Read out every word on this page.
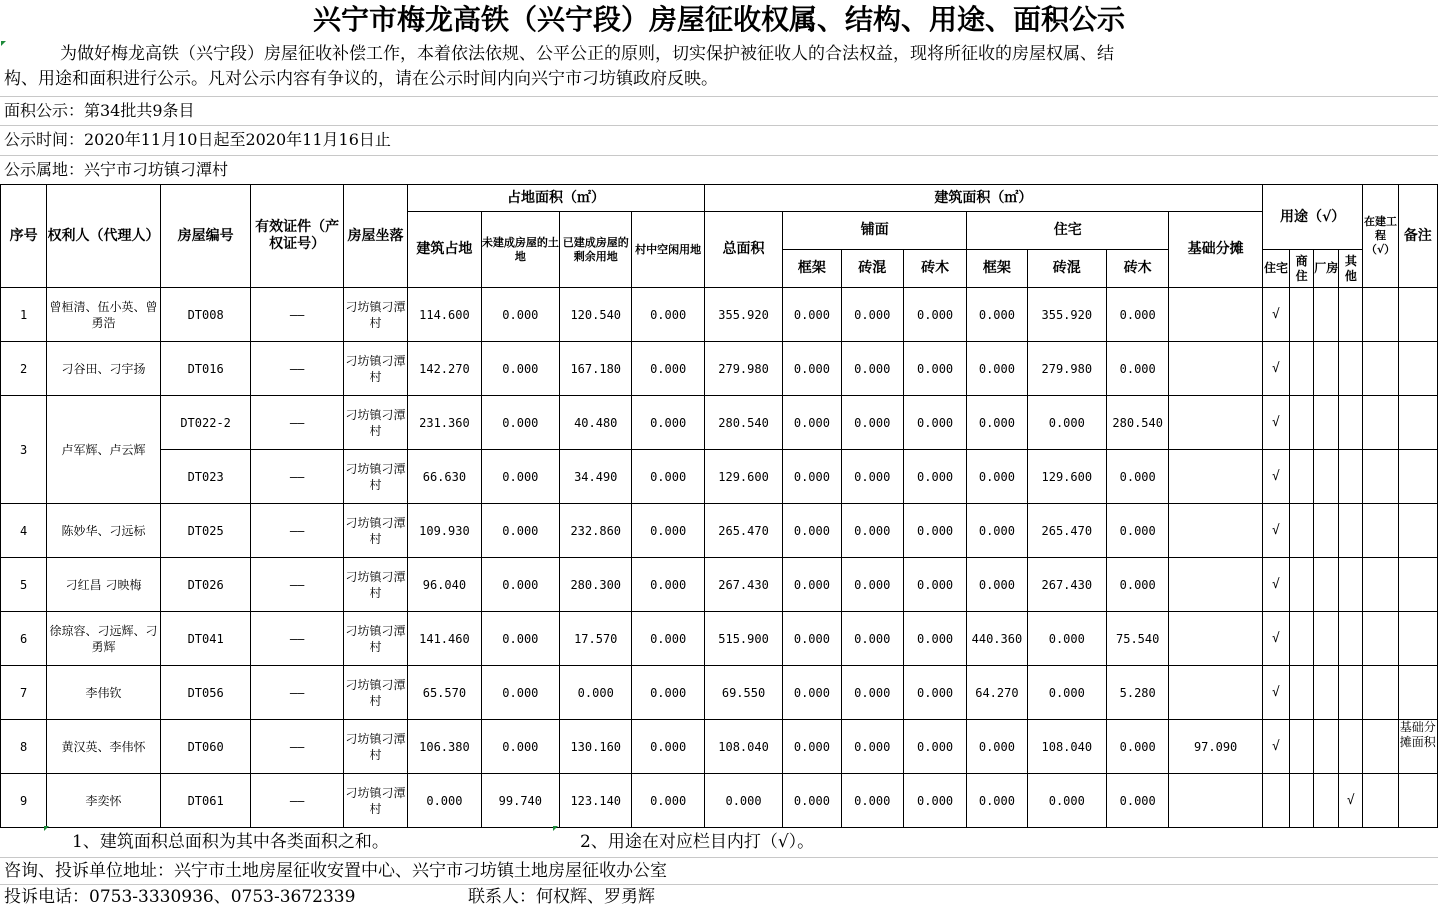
兴宁市梅龙高铁（兴宁段）房屋征收权属、结构、用途、面积公示
为做好梅龙高铁（兴宁段）房屋征收补偿工作，本着依法依规、公平公正的原则，切实保护被征收人的合法权益，现将所征收的房屋权属、结
构、用途和面积进行公示。凡对公示内容有争议的，请在公示时间内向兴宁市刁坊镇政府反映。
面积公示：第34批共9条目
公示时间：2020年11月10日起至2020年11月16日止
公示属地：兴宁市刁坊镇刁潭村
序号	权利人（代理人）	房屋编号	有效证件（产权证号）	房屋坐落	占地面积（㎡）				建筑面积（㎡）								用途（√）				在建工程（√）	备注
					建筑占地	未建成房屋的土地	已建成房屋的剩余用地	村中空闲用地	总面积	铺面			住宅			基础分摊						
										框架	砖混	砖木	框架	砖混	砖木		住宅	商住	厂房	其他		
1	曾桓清、伍小英、曾勇浩	DT008	——	刁坊镇刁潭村	114.600	0.000	120.540	0.000	355.920	0.000	0.000	0.000	0.000	355.920	0.000		√					
2	刁谷田、刁宇扬	DT016	——	刁坊镇刁潭村	142.270	0.000	167.180	0.000	279.980	0.000	0.000	0.000	0.000	279.980	0.000		√					
3	卢军辉、卢云辉	DT022-2	——	刁坊镇刁潭村	231.360	0.000	40.480	0.000	280.540	0.000	0.000	0.000	0.000	0.000	280.540		√					
		DT023	——	刁坊镇刁潭村	66.630	0.000	34.490	0.000	129.600	0.000	0.000	0.000	0.000	129.600	0.000		√					
4	陈妙华、刁远标	DT025	——	刁坊镇刁潭村	109.930	0.000	232.860	0.000	265.470	0.000	0.000	0.000	0.000	265.470	0.000		√					
5	刁红昌 刁映梅	DT026	——	刁坊镇刁潭村	96.040	0.000	280.300	0.000	267.430	0.000	0.000	0.000	0.000	267.430	0.000		√					
6	徐琼容、刁远辉、刁勇辉	DT041	——	刁坊镇刁潭村	141.460	0.000	17.570	0.000	515.900	0.000	0.000	0.000	440.360	0.000	75.540		√					
7	李伟钦	DT056	——	刁坊镇刁潭村	65.570	0.000	0.000	0.000	69.550	0.000	0.000	0.000	64.270	0.000	5.280		√					
8	黄汉英、李伟怀	DT060	——	刁坊镇刁潭村	106.380	0.000	130.160	0.000	108.040	0.000	0.000	0.000	0.000	108.040	0.000	97.090	√					基础分摊面积
9	李奕怀	DT061	——	刁坊镇刁潭村	0.000	99.740	123.140	0.000	0.000	0.000	0.000	0.000	0.000	0.000	0.000					√		
1、建筑面积总面积为其中各类面积之和。	2、用途在对应栏目内打（√）。
咨询、投诉单位地址：兴宁市土地房屋征收安置中心、兴宁市刁坊镇土地房屋征收办公室
投诉电话：0753-3330936、0753-3672339	联系人：何权辉、罗勇辉
